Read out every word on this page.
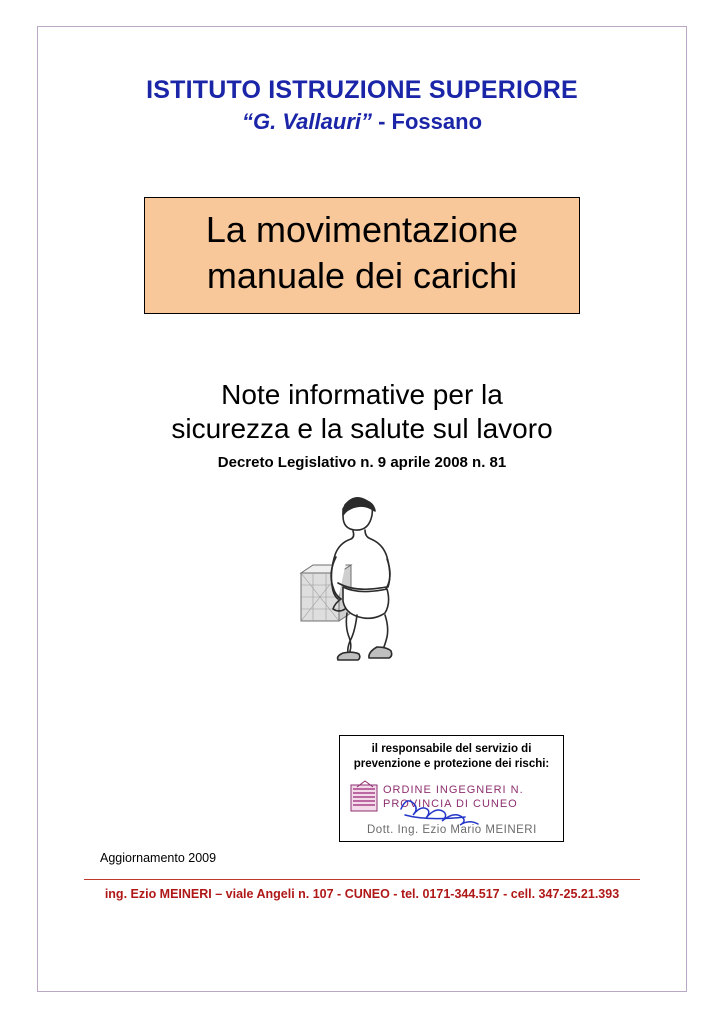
ISTITUTO ISTRUZIONE SUPERIORE
“G. Vallauri” - Fossano
La movimentazione
manuale dei carichi
Note informative per la
sicurezza e la salute sul lavoro
Decreto Legislativo n. 9 aprile 2008 n. 81
il responsabile del servizio di
prevenzione e protezione dei rischi:
ORDINE INGEGNERI N.
PROVINCIA DI CUNEO
Dott. Ing. Ezio Mario MEINERI
Aggiornamento 2009
ing. Ezio MEINERI – viale Angeli n. 107 - CUNEO - tel. 0171-344.517 - cell. 347-25.21.393
